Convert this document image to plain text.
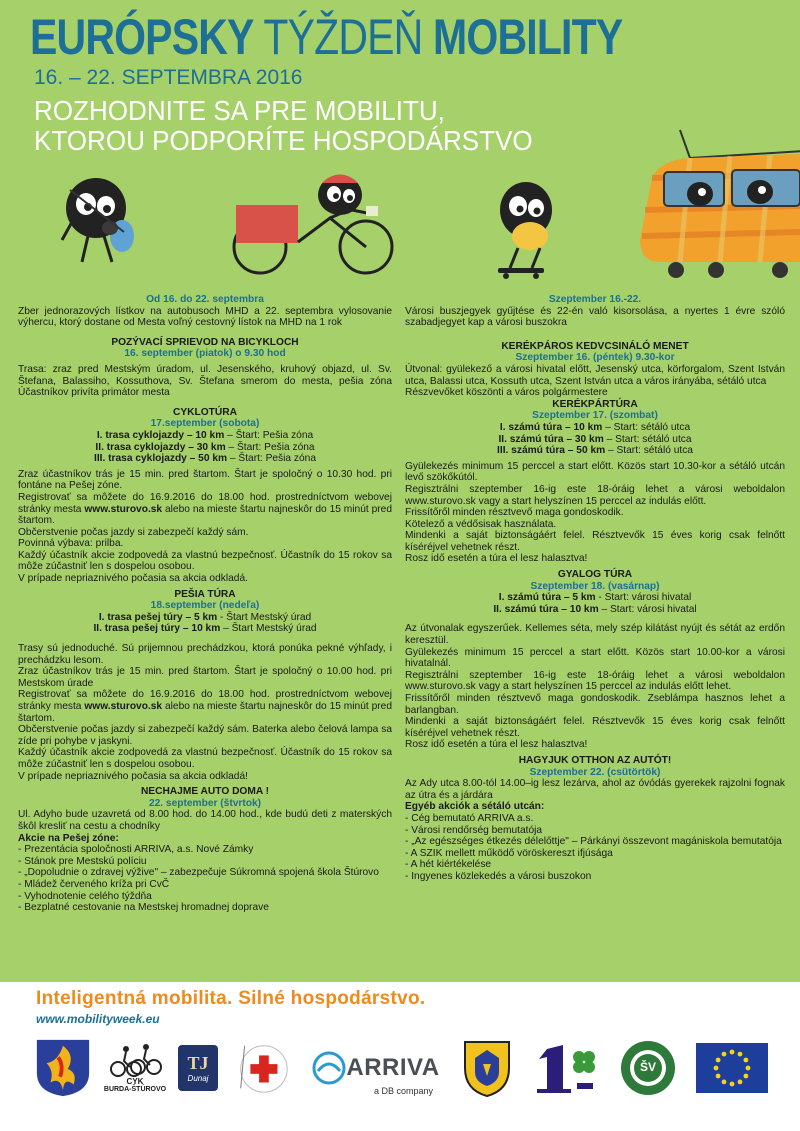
EURÓPSKY TÝŽDEŇ MOBILITY
16. – 22. SEPTEMBRA 2016
ROZHODNITE SA PRE MOBILITU,
KTOROU PODPORÍTE HOSPODÁRSTVO

Od 16. do 22. septembra

Zber jednorazových lístkov na autobusoch MHD a 22. septembra vylosovanie výhercu, ktorý dostane od Mesta voľný cestovný lístok na MHD na 1 rok

POZÝVACÍ SPRIEVOD NA BICYKLOCH

16. september (piatok) o 9.30 hod

Trasa: zraz pred Mestským úradom, ul. Jesenského, kruhový objazd, ul. Sv. Štefana, Balassiho, Kossuthova, Sv. Štefana smerom do mesta, pešia zóna Účastníkov privíta primátor mesta

CYKLOTÚRA

17.september (sobota)

I. trasa cyklojazdy – 10 km – Štart: Pešia zóna

II. trasa cyklojazdy – 30 km – Štart: Pešia zóna

III. trasa cyklojazdy – 50 km – Štart: Pešia zóna

Zraz účastníkov trás je 15 min. pred štartom. Štart je spoločný o 10.30 hod. pri fontáne na Pešej zóne.

Registrovať sa môžete do 16.9.2016 do 18.00 hod. prostredníctvom webovej stránky mesta www.sturovo.sk alebo na mieste štartu najneskôr do 15 minút pred štartom.

Občerstvenie počas jazdy si zabezpečí každý sám.

Povinná výbava: prilba.

Každý účastník akcie zodpovedá za vlastnú bezpečnosť. Účastník do 15 rokov sa môže zúčastniť len s dospelou osobou.

V prípade nepriaznivého počasia sa akcia odkladá.

PEŠIA TÚRA

18.september (nedeľa)

I. trasa pešej túry – 5 km - Štart Mestský úrad

II. trasa pešej túry – 10 km – Štart Mestský úrad

Trasy sú jednoduché. Sú prijemnou prechádzkou, ktorá ponúka pekné výhľady, i prechádzku lesom.

Zraz účastníkov trás je 15 min. pred štartom. Štart je spoločný o 10.00 hod. pri Mestskom úrade

Registrovať sa môžete do 16.9.2016 do 18.00 hod. prostredníctvom webovej stránky mesta www.sturovo.sk alebo na mieste štartu najneskôr do 15 minút pred štartom.

Občerstvenie počas jazdy si zabezpečí každý sám. Baterka alebo čelová lampa sa zíde pri pohybe v jaskyni.

Každý účastník akcie zodpovedá za vlastnú bezpečnosť. Účastník do 15 rokov sa môže zúčastniť len s dospelou osobou.

V prípade nepriaznivého počasia sa akcia odkladá!

NECHAJME AUTO DOMA !

22. september (štvrtok)

Ul. Adyho bude uzavretá od 8.00 hod. do 14.00 hod., kde budú deti z materských škôl kresliť na cestu a chodníky

Akcie na Pešej zóne:

- Prezentácia spoločnosti ARRIVA, a.s. Nové Zámky

- Stánok pre Mestskú políciu

- „Dopoludnie o zdravej výžive" – zabezpečuje Súkromná spojená škola Štúrovo

- Mládež červeného kríža pri CvČ

- Vyhodnotenie celého týždňa

- Bezplatné cestovanie na Mestskej hromadnej doprave

Szeptember 16.-22.

Városi buszjegyek gyűjtése és 22-én való kisorsolása, a nyertes 1 évre szóló szabadjegyet kap a városi buszokra

KERÉKPÁROS KEDVCSINÁLÓ MENET

Szeptember 16. (péntek) 9.30-kor

Útvonal: gyülekező a városi hivatal előtt, Jesenský utca, körforgalom, Szent István utca, Balassi utca, Kossuth utca, Szent István utca a város irányába, sétáló utca

Részvevőket köszönti a város polgármestere

KERÉKPÁRTÚRA

Szeptember 17. (szombat)

I. számú túra – 10 km – Start: sétáló utca

II. számú túra – 30 km – Start: sétáló utca

III. számú túra – 50 km – Start: sétáló utca

Gyülekezés minimum 15 perccel a start előtt. Közös start 10.30-kor a sétáló utcán levő szökőkútól.

Regisztrálni szeptember 16-ig este 18-óráig lehet a városi weboldalon www.sturovo.sk vagy a start helyszínen 15 perccel az indulás előtt.

Frissítőről minden résztvevő maga gondoskodik.

Kötelező a védősisak használata.

Mindenki a saját biztonságáért felel. Résztvevők 15 éves korig csak felnőtt kíséréjvel vehetnek részt.

Rosz idő esetén a túra el lesz halasztva!

GYALOG TÚRA

Szeptember 18. (vasárnap)

I. számú túra – 5 km - Start: városi hivatal

II. számú túra – 10 km – Start: városi hivatal

Az útvonalak egyszerűek. Kellemes séta, mely szép kilátást nyújt és sétát az erdőn keresztül.

Gyülekezés minimum 15 perccel a start előtt. Közös start 10.00-kor a városi hivatalnál.

Regisztrálni szeptember 16-ig este 18-óráig lehet a városi weboldalon www.sturovo.sk vagy a start helyszínen 15 perccel az indulás előtt lehet.

Frissítőről minden résztvevő maga gondoskodik. Zseblámpa hasznos lehet a barlangban.

Mindenki a saját biztonságáért felel. Résztvevők 15 éves korig csak felnőtt kíséréjvel vehetnek részt.

Rosz idő esetén a túra el lesz halasztva!

HAGYJUK OTTHON AZ AUTÓT!

Szeptember 22. (csütörtök)

Az Ady utca 8.00-tól 14.00–ig lesz lezárva, ahol az óvódás gyerekek rajzolni fognak az útra és a járdára

Egyéb akciók a sétáló utcán:

- Cég bemutató ARRIVA a.s.

- Városi rendőrség bemutatója

- „Az egészséges étkezés délelőttje" – Párkányi összevont magániskola bemutatója

- A SZIK mellett működő vöröskereszt ifjúsága

- A hét kiértékelése

- Ingyenes közlekedés a városi buszokon

Inteligentná mobilita. Silné hospodárstvo.
www.mobilityweek.eu
CYK
BURDA-ŠTÚROVO
TJ
Dunaj	ARRIVA
a DB company
ŠV
